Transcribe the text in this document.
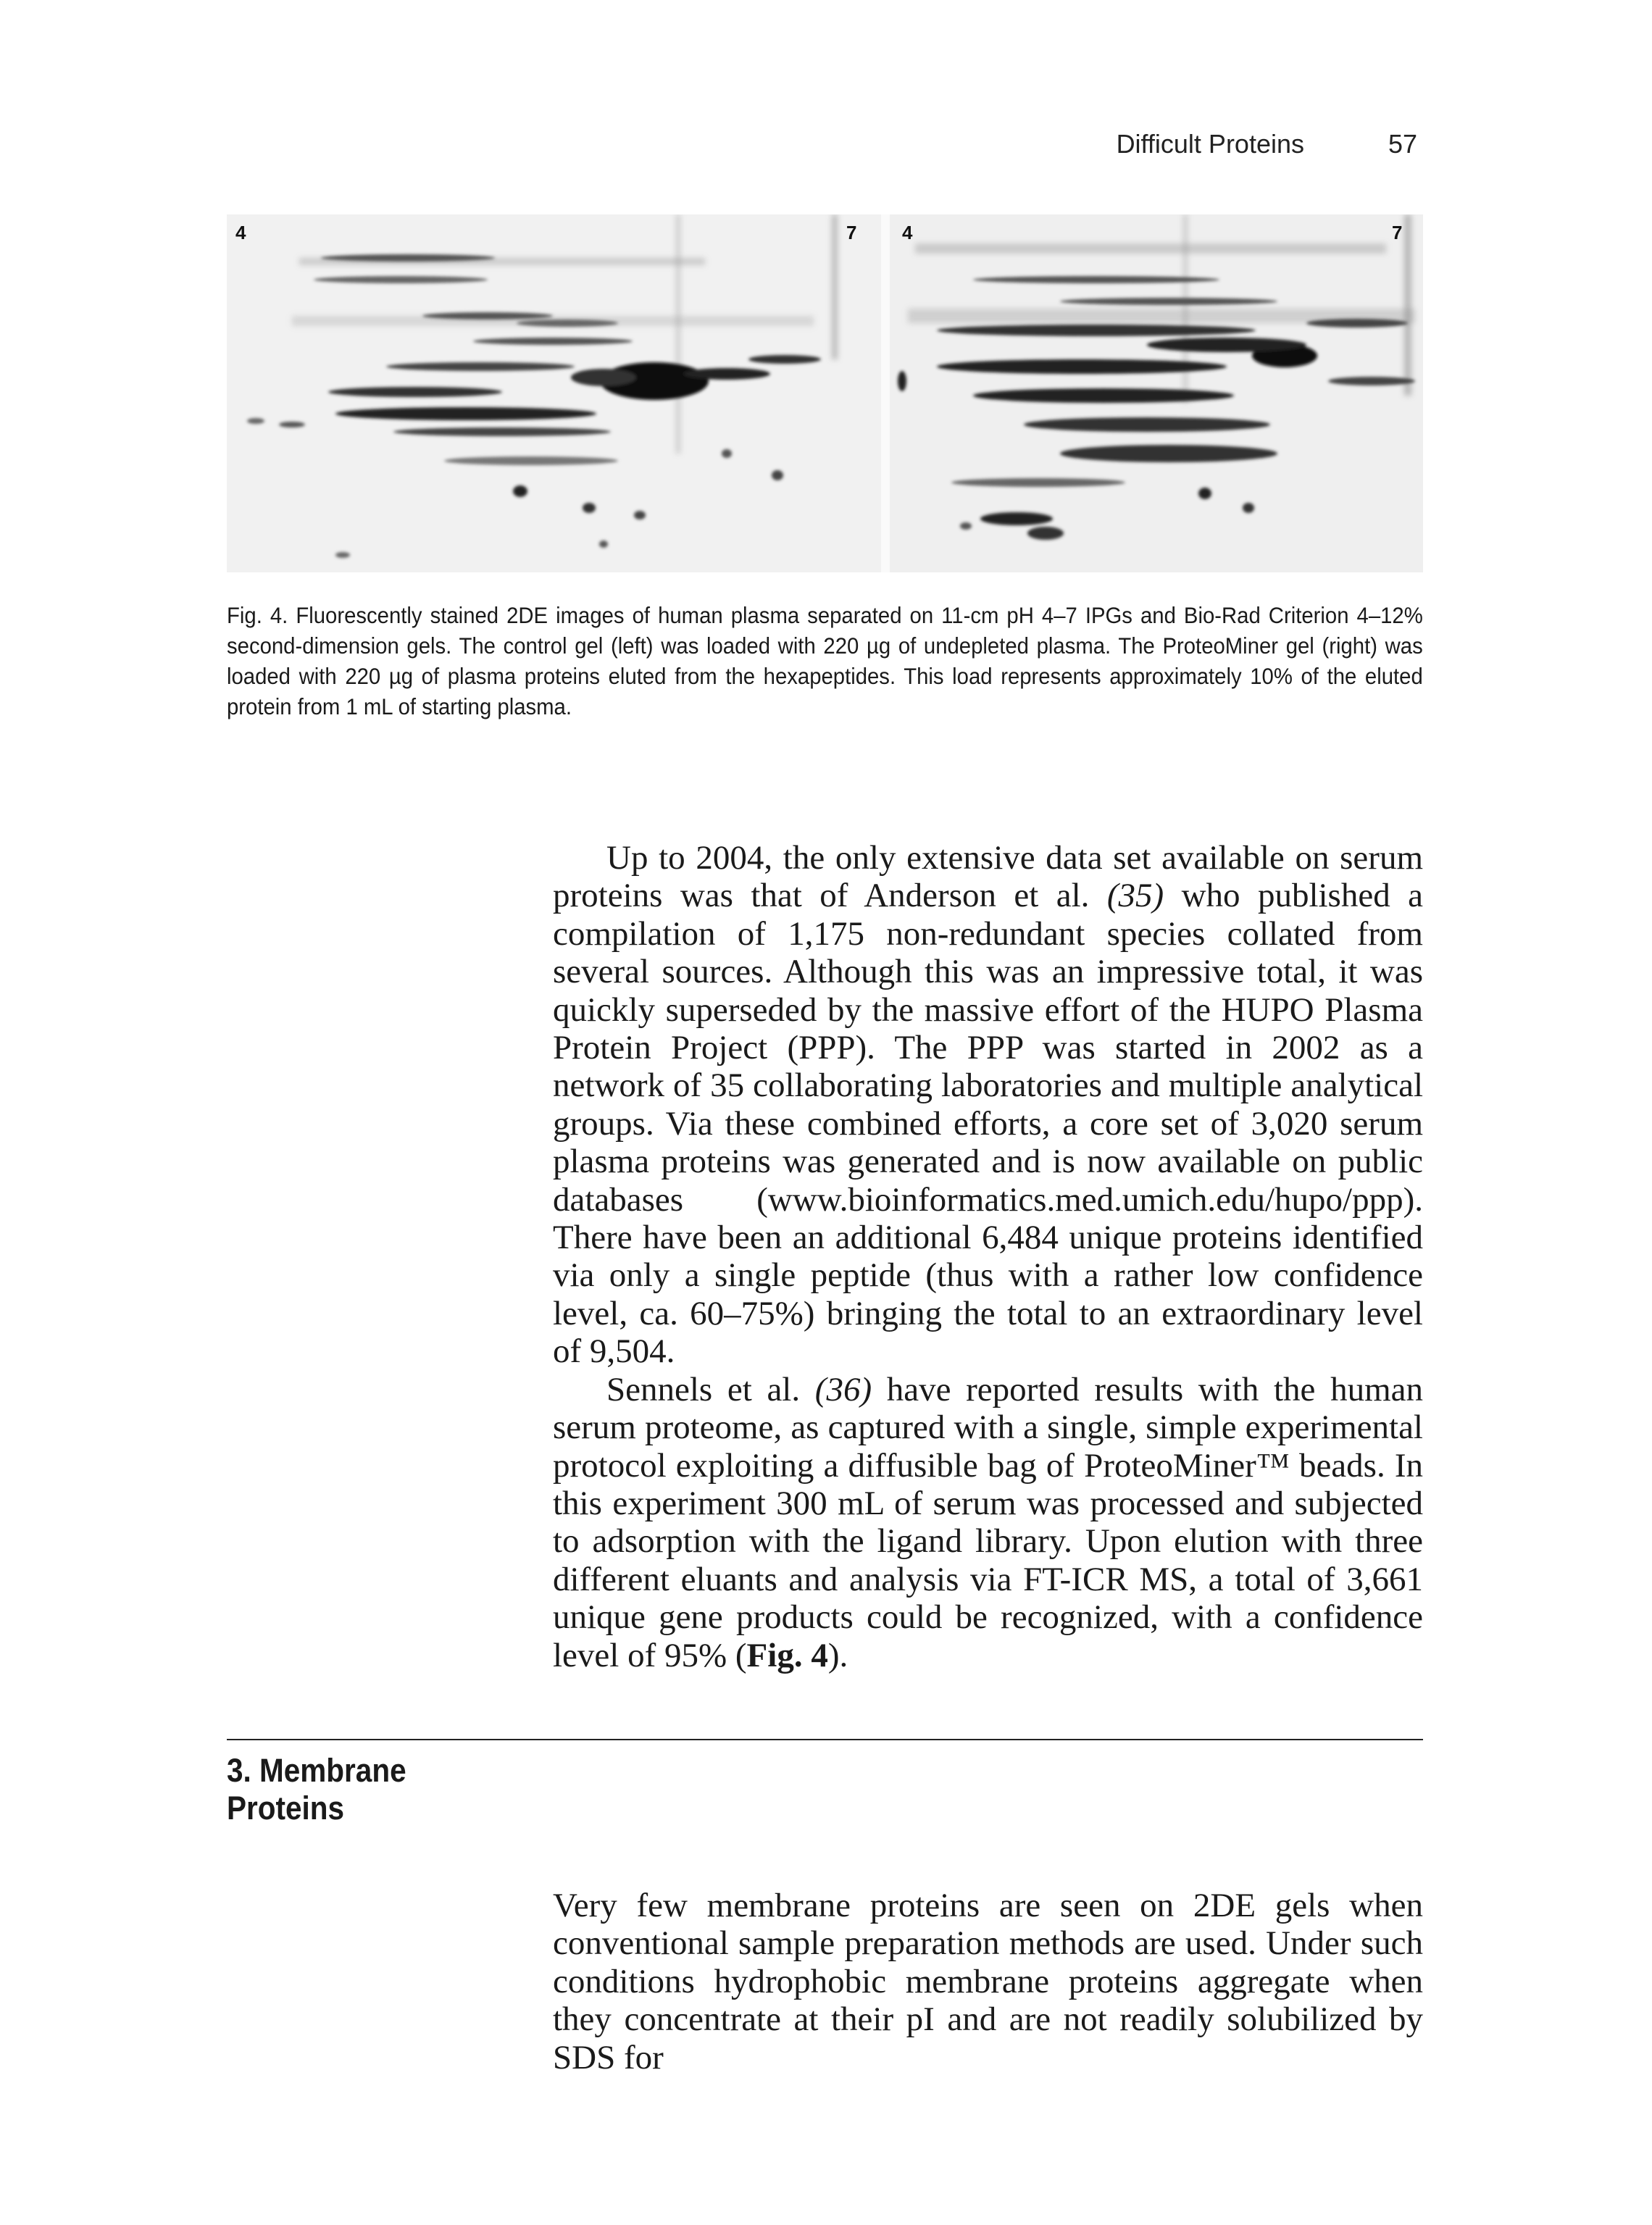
Difficult Proteins	57
4	7 4	7
Fig. 4. Fluorescently stained 2DE images of human plasma separated on 11-cm pH 4–7 IPGs and Bio-Rad Criterion 4–12% second-dimension gels. The control gel (left) was loaded with 220 µg of undepleted plasma. The ProteoMiner gel (right) was loaded with 220 µg of plasma proteins eluted from the hexapeptides. This load represents approximately 10% of the eluted protein from 1 mL of starting plasma.

Up to 2004, the only extensive data set available on serum proteins was that of Anderson et al. (35) who published a compilation of 1,175 non-redundant species collated from several sources. Although this was an impressive total, it was quickly superseded by the massive effort of the HUPO Plasma Protein Project (PPP). The PPP was started in 2002 as a network of 35 collaborating laboratories and multiple analytical groups. Via these combined efforts, a core set of 3,020 serum plasma proteins was generated and is now available on public databases (www.bioinformatics.med.umich.edu/hupo/ppp). There have been an additional 6,484 unique proteins identified via only a single peptide (thus with a rather low confidence level, ca. 60–75%) bringing the total to an extraordinary level of 9,504.

Sennels et al. (36) have reported results with the human serum proteome, as captured with a single, simple experimental protocol exploiting a diffusible bag of ProteoMiner™ beads. In this experiment 300 mL of serum was processed and subjected to adsorption with the ligand library. Upon elution with three different eluants and analysis via FT-ICR MS, a total of 3,661 unique gene products could be recognized, with a confidence level of 95% (Fig. 4).

3. Membrane
Proteins

Very few membrane proteins are seen on 2DE gels when conventional sample preparation methods are used. Under such conditions hydrophobic membrane proteins aggregate when they concentrate at their pI and are not readily solubilized by SDS for
